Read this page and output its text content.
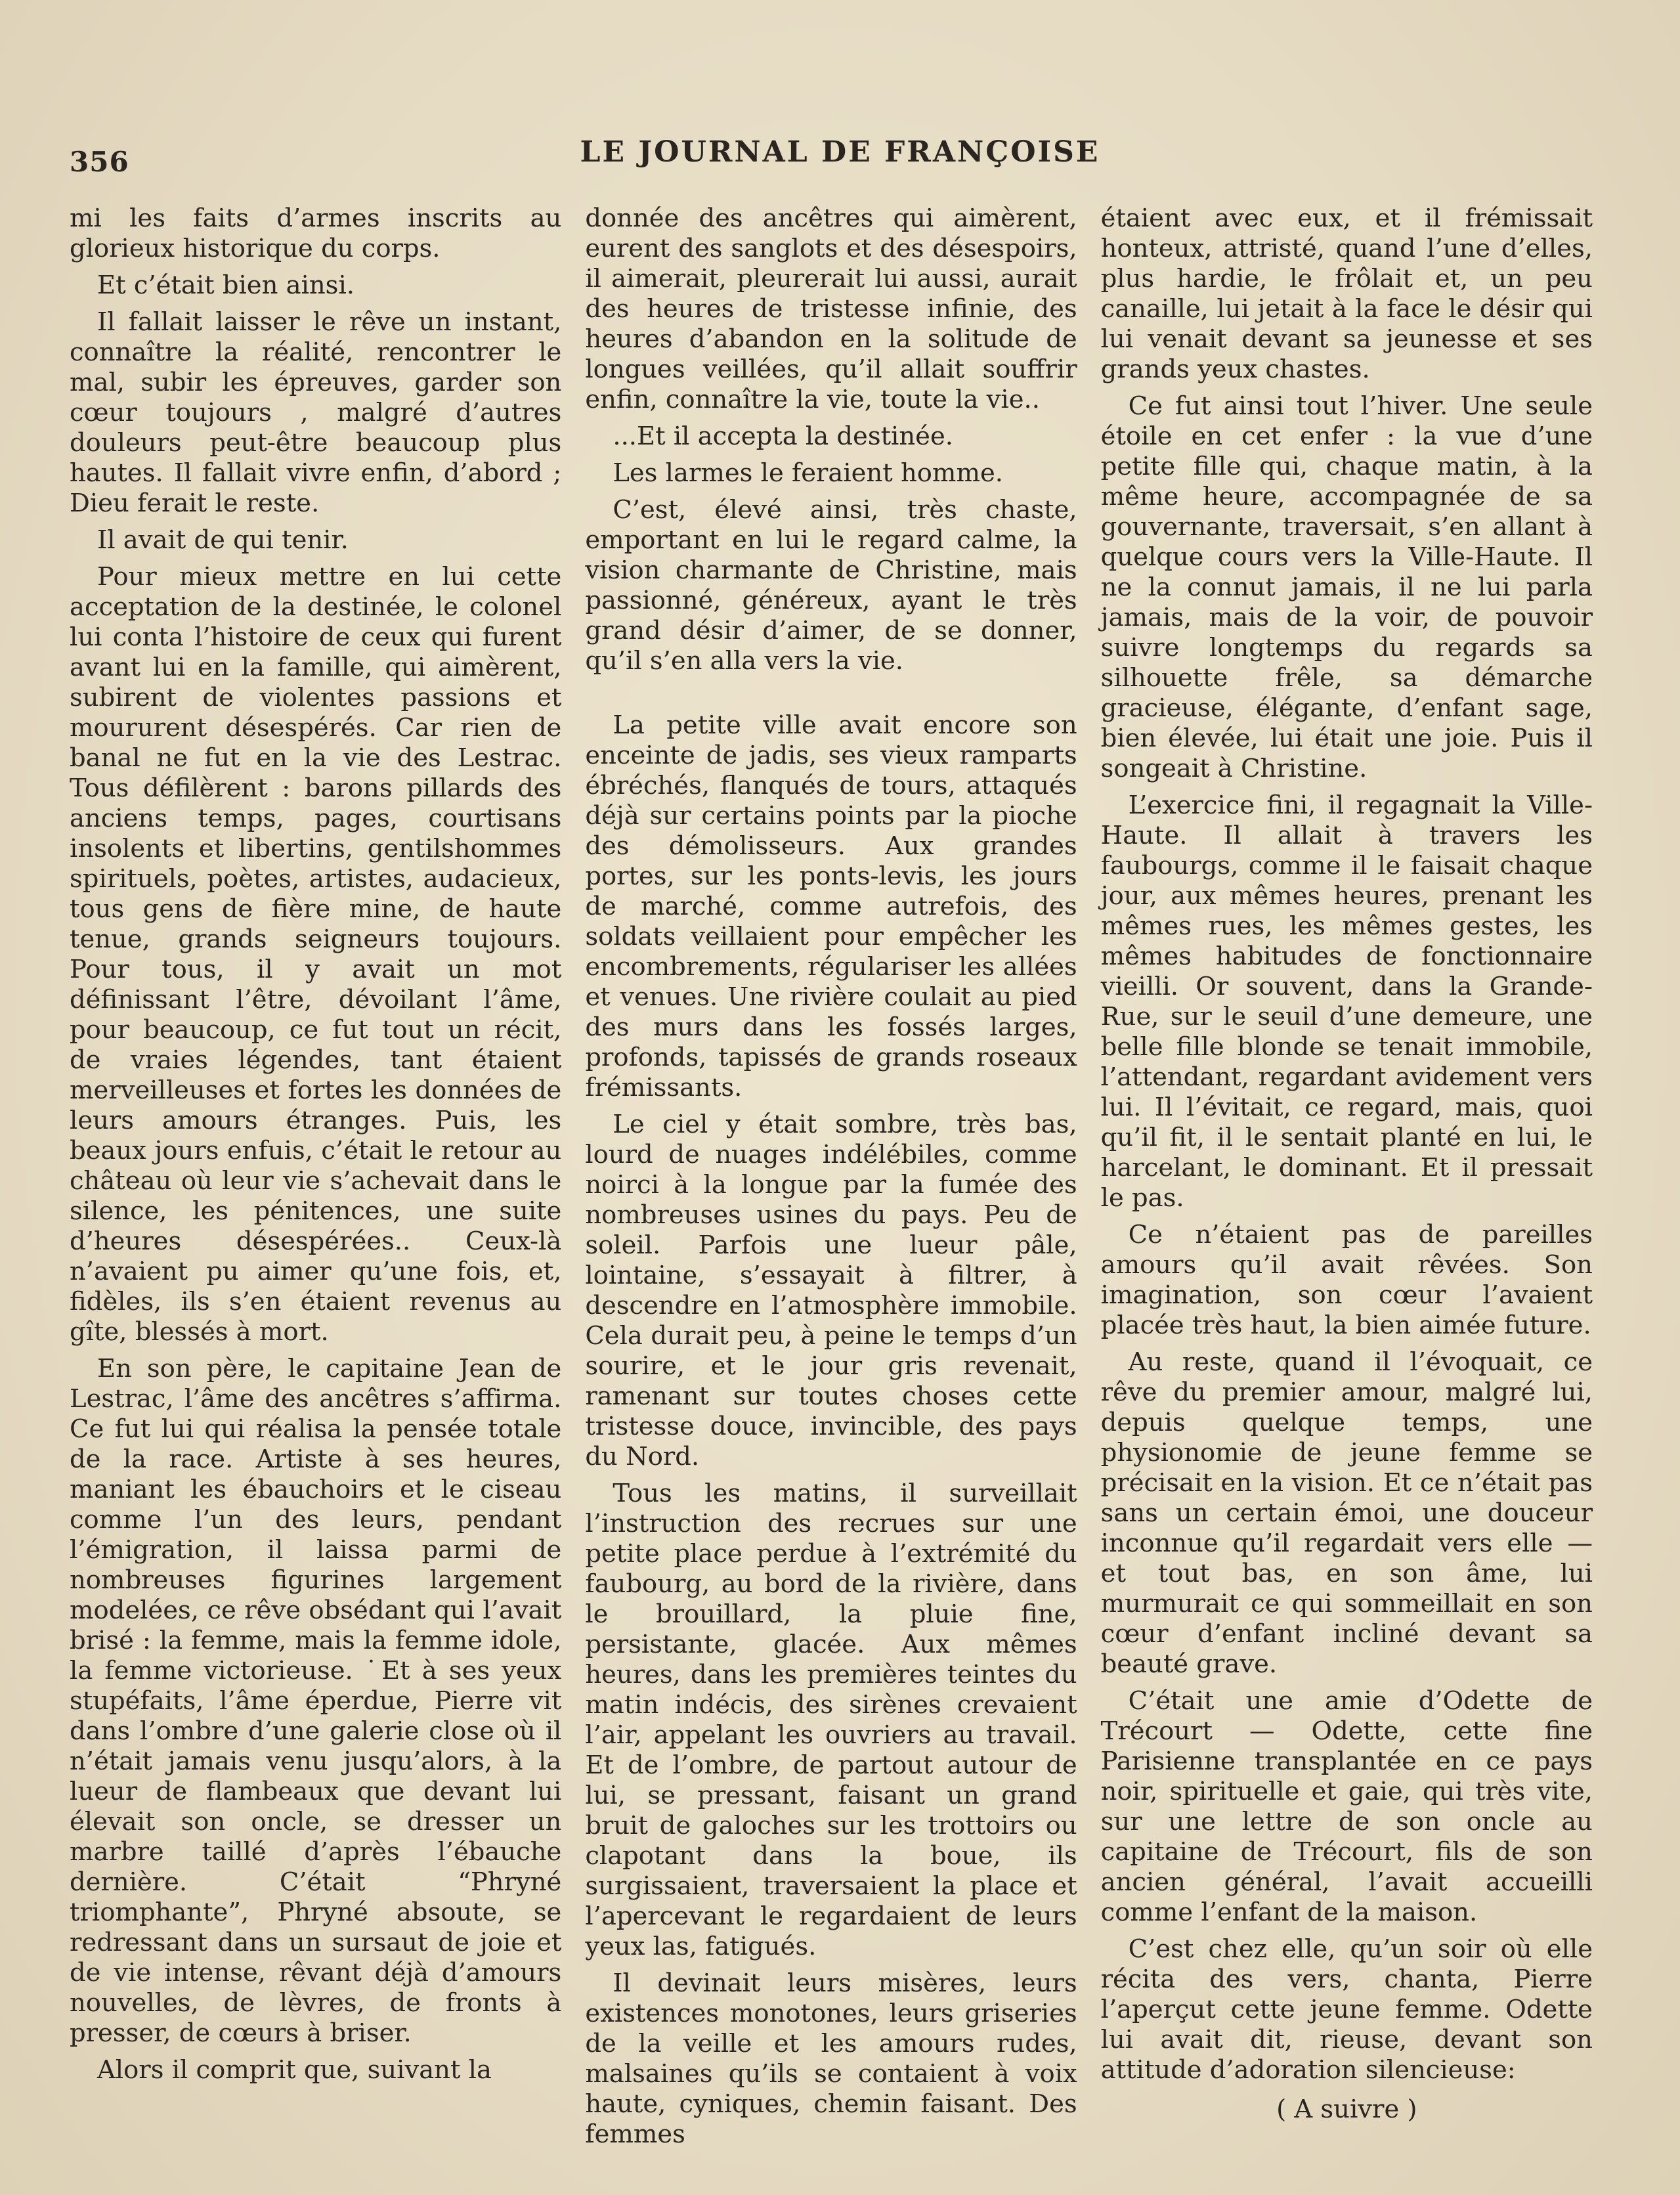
356	LE JOURNAL DE FRANÇOISE

mi les faits d’armes inscrits au glorieux historique du corps.

Et c’était bien ainsi.

Il fallait laisser le rêve un instant, connaître la réalité, rencontrer le mal, subir les épreuves, garder son cœur toujours , malgré d’autres douleurs peut-être beaucoup plus hautes. Il fallait vivre enfin, d’abord ; Dieu ferait le reste.

Il avait de qui tenir.

Pour mieux mettre en lui cette acceptation de la destinée, le colonel lui conta l’histoire de ceux qui furent avant lui en la famille, qui aimèrent, subirent de violentes passions et moururent désespérés. Car rien de banal ne fut en la vie des Lestrac. Tous défilèrent : barons pillards des anciens temps, pages, courtisans insolents et libertins, gentilshommes spirituels, poètes, artistes, audacieux, tous gens de fière mine, de haute tenue, grands seigneurs toujours. Pour tous, il y avait un mot définissant l’être, dévoilant l’âme, pour beaucoup, ce fut tout un récit, de vraies légendes, tant étaient merveilleuses et fortes les données de leurs amours étranges. Puis, les beaux jours enfuis, c’était le retour au château où leur vie s’achevait dans le silence, les pénitences, une suite d’heures désespérées.. Ceux-là n’avaient pu aimer qu’une fois, et, fidèles, ils s’en étaient revenus au gîte, blessés à mort.

En son père, le capitaine Jean de Lestrac, l’âme des ancêtres s’affirma. Ce fut lui qui réalisa la pensée totale de la race. Artiste à ses heures, maniant les ébauchoirs et le ciseau comme l’un des leurs, pendant l’émigration, il laissa parmi de nombreuses figurines largement modelées, ce rêve obsédant qui l’avait brisé : la femme, mais la femme idole, la femme victorieuse. ˙Et à ses yeux stupéfaits, l’âme éperdue, Pierre vit dans l’ombre d’une galerie close où il n’était jamais venu jusqu’alors, à la lueur de flambeaux que devant lui élevait son oncle, se dresser un marbre taillé d’après l’ébauche dernière. C’était “Phryné triomphante”, Phryné absoute, se redressant dans un sursaut de joie et de vie intense, rêvant déjà d’amours nouvelles, de lèvres, de fronts à presser, de cœurs à briser.

Alors il comprit que, suivant la

donnée des ancêtres qui aimèrent, eurent des sanglots et des désespoirs, il aimerait, pleurerait lui aussi, aurait des heures de tristesse infinie, des heures d’abandon en la solitude de longues veillées, qu’il allait souffrir enfin, connaître la vie, toute la vie..

...Et il accepta la destinée.

Les larmes le feraient homme.

C’est, élevé ainsi, très chaste, emportant en lui le regard calme, la vision charmante de Christine, mais passionné, généreux, ayant le très grand désir d’aimer, de se donner, qu’il s’en alla vers la vie.

La petite ville avait encore son enceinte de jadis, ses vieux ramparts ébréchés, flanqués de tours, attaqués déjà sur certains points par la pioche des démolisseurs. Aux grandes portes, sur les ponts-levis, les jours de marché, comme autrefois, des soldats veillaient pour empêcher les encombrements, régulariser les allées et venues. Une rivière coulait au pied des murs dans les fossés larges, profonds, tapissés de grands roseaux frémissants.

Le ciel y était sombre, très bas, lourd de nuages indélébiles, comme noirci à la longue par la fumée des nombreuses usines du pays. Peu de soleil. Parfois une lueur pâle, lointaine, s’essayait à filtrer, à descendre en l’atmosphère immobile. Cela durait peu, à peine le temps d’un sourire, et le jour gris revenait, ramenant sur toutes choses cette tristesse douce, invincible, des pays du Nord.

Tous les matins, il surveillait l’instruction des recrues sur une petite place perdue à l’extrémité du faubourg, au bord de la rivière, dans le brouillard, la pluie fine, persistante, glacée. Aux mêmes heures, dans les premières teintes du matin indécis, des sirènes crevaient l’air, appelant les ouvriers au travail. Et de l’ombre, de partout autour de lui, se pressant, faisant un grand bruit de galoches sur les trottoirs ou clapotant dans la boue, ils surgissaient, traversaient la place et l’apercevant le regardaient de leurs yeux las, fatigués.

Il devinait leurs misères, leurs existences monotones, leurs griseries de la veille et les amours rudes, malsaines qu’ils se contaient à voix haute, cyniques, chemin faisant. Des femmes

étaient avec eux, et il frémissait honteux, attristé, quand l’une d’elles, plus hardie, le frôlait et, un peu canaille, lui jetait à la face le désir qui lui venait devant sa jeunesse et ses grands yeux chastes.

Ce fut ainsi tout l’hiver. Une seule étoile en cet enfer : la vue d’une petite fille qui, chaque matin, à la même heure, accompagnée de sa gouvernante, traversait, s’en allant à quelque cours vers la Ville-Haute. Il ne la connut jamais, il ne lui parla jamais, mais de la voir, de pouvoir suivre longtemps du regards sa silhouette frêle, sa démarche gracieuse, élégante, d’enfant sage, bien élevée, lui était une joie. Puis il songeait à Christine.

L’exercice fini, il regagnait la Ville-Haute. Il allait à travers les faubourgs, comme il le faisait chaque jour, aux mêmes heures, prenant les mêmes rues, les mêmes gestes, les mêmes habitudes de fonctionnaire vieilli. Or souvent, dans la Grande-Rue, sur le seuil d’une demeure, une belle fille blonde se tenait immobile, l’attendant, regardant avidement vers lui. Il l’évitait, ce regard, mais, quoi qu’il fit, il le sentait planté en lui, le harcelant, le dominant. Et il pressait le pas.

Ce n’étaient pas de pareilles amours qu’il avait rêvées. Son imagination, son cœur l’avaient placée très haut, la bien aimée future.

Au reste, quand il l’évoquait, ce rêve du premier amour, malgré lui, depuis quelque temps, une physionomie de jeune femme se précisait en la vision. Et ce n’était pas sans un certain émoi, une douceur inconnue qu’il regardait vers elle — et tout bas, en son âme, lui murmurait ce qui sommeillait en son cœur d’enfant incliné devant sa beauté grave.

C’était une amie d’Odette de Trécourt — Odette, cette fine Parisienne transplantée en ce pays noir, spirituelle et gaie, qui très vite, sur une lettre de son oncle au capitaine de Trécourt, fils de son ancien général, l’avait accueilli comme l’enfant de la maison.

C’est chez elle, qu’un soir où elle récita des vers, chanta, Pierre l’aperçut cette jeune femme. Odette lui avait dit, rieuse, devant son attitude d’adoration silencieuse:

( A suivre )
